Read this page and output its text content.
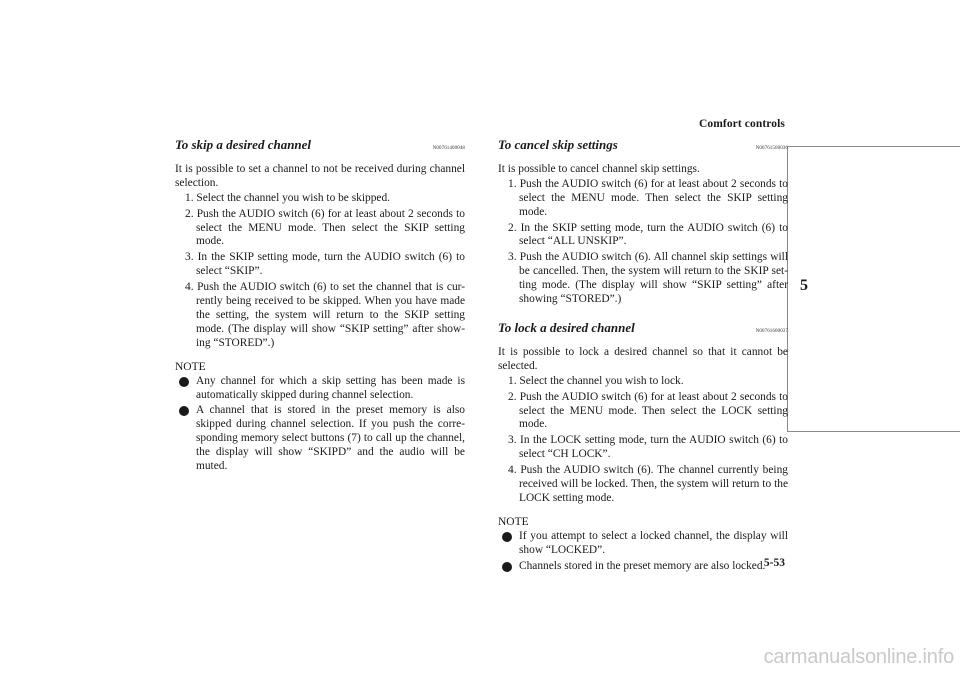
Comfort controls
5
To skip a desired channel	N00761400048

It is possible to set a channel to not be received during channel selection.

1. Select the channel you wish to be skipped.

2. Push the AUDIO switch (6) for at least about 2 seconds to select the MENU mode. Then select the SKIP setting mode.

3. In the SKIP setting mode, turn the AUDIO switch (6) to select “SKIP”.

4. Push the AUDIO switch (6) to set the channel that is cur-rently being received to be skipped. When you have made the setting, the system will return to the SKIP setting mode. (The display will show “SKIP setting” after show-ing “STORED”.)

NOTE
Any channel for which a skip setting has been made is automatically skipped during channel selection.
A channel that is stored in the preset memory is also skipped during channel selection. If you push the corre-sponding memory select buttons (7) to call up the channel, the display will show “SKIPD” and the audio will be muted.
To cancel skip settings	N00761500036

It is possible to cancel channel skip settings.

1. Push the AUDIO switch (6) for at least about 2 seconds to select the MENU mode. Then select the SKIP setting mode.

2. In the SKIP setting mode, turn the AUDIO switch (6) to select “ALL UNSKIP”.

3. Push the AUDIO switch (6). All channel skip settings will be cancelled. Then, the system will return to the SKIP set-ting mode. (The display will show “SKIP setting” after showing “STORED”.)

To lock a desired channel	N00761600037

It is possible to lock a desired channel so that it cannot be selected.

1. Select the channel you wish to lock.

2. Push the AUDIO switch (6) for at least about 2 seconds to select the MENU mode. Then select the LOCK setting mode.

3. In the LOCK setting mode, turn the AUDIO switch (6) to select “CH LOCK”.

4. Push the AUDIO switch (6). The channel currently being received will be locked. Then, the system will return to the LOCK setting mode.

NOTE
If you attempt to select a locked channel, the display will show “LOCKED”.
Channels stored in the preset memory are also locked.
5-53
carmanualsonline.info
